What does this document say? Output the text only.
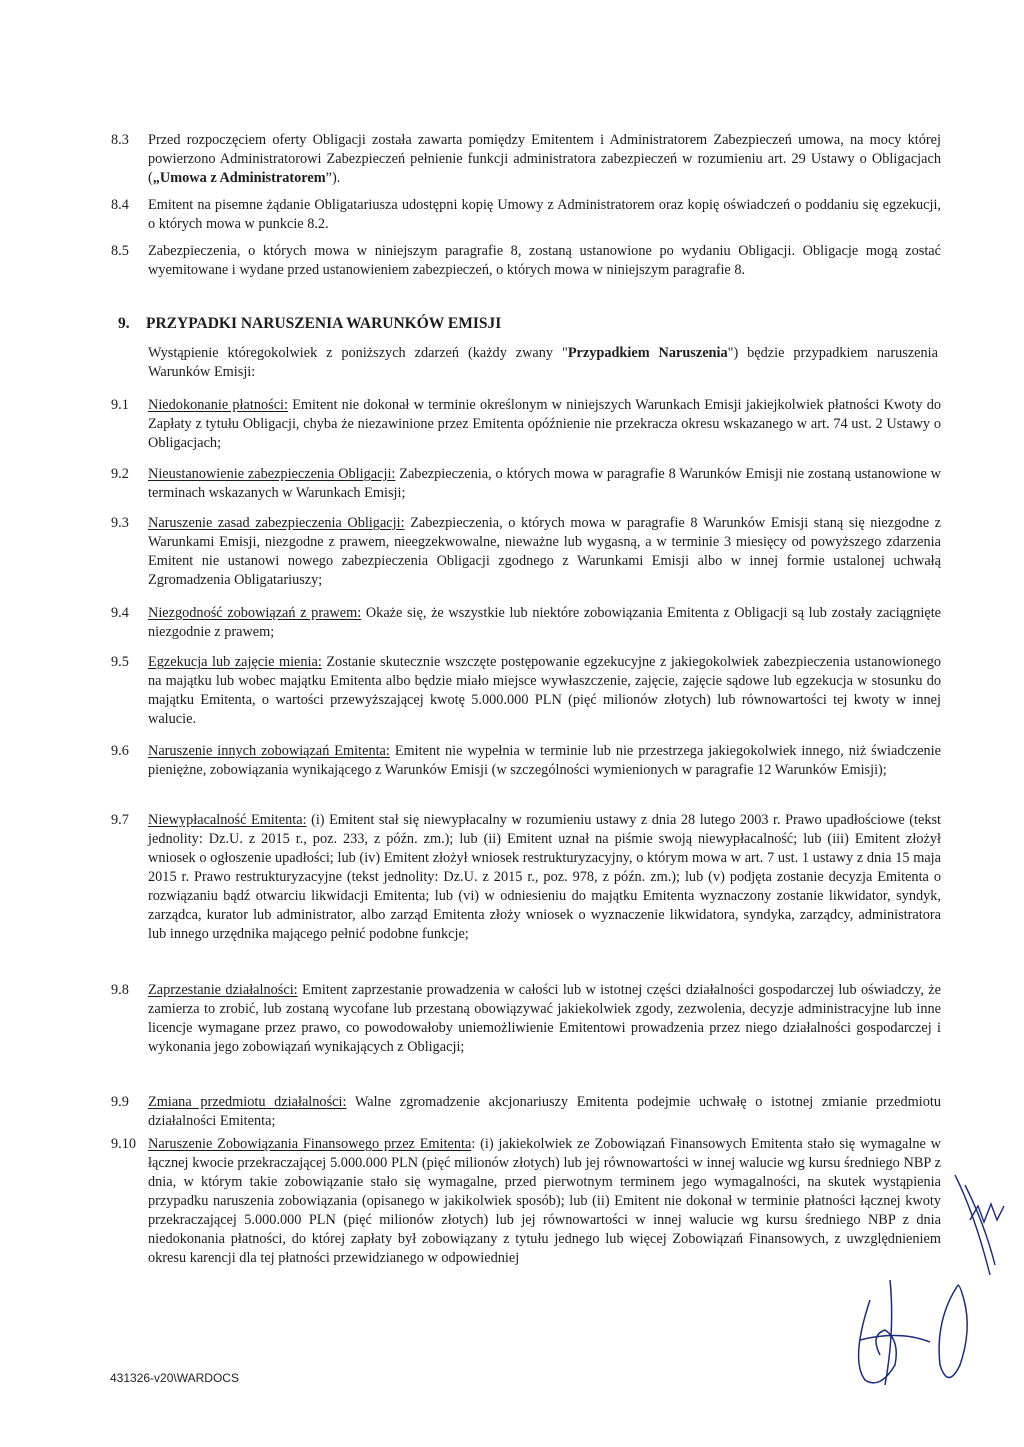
8.3	Przed rozpoczęciem oferty Obligacji została zawarta pomiędzy Emitentem i Administratorem Zabezpieczeń umowa, na mocy której powierzono Administratorowi Zabezpieczeń pełnienie funkcji administratora zabezpieczeń w rozumieniu art. 29 Ustawy o Obligacjach („Umowa z Administratorem”).
8.4	Emitent na pisemne żądanie Obligatariusza udostępni kopię Umowy z Administratorem oraz kopię oświadczeń o poddaniu się egzekucji, o których mowa w punkcie 8.2.
8.5	Zabezpieczenia, o których mowa w niniejszym paragrafie 8, zostaną ustanowione po wydaniu Obligacji. Obligacje mogą zostać wyemitowane i wydane przed ustanowieniem zabezpieczeń, o których mowa w niniejszym paragrafie 8.
9. PRZYPADKI NARUSZENIA WARUNKÓW EMISJI
Wystąpienie któregokolwiek z poniższych zdarzeń (każdy zwany "Przypadkiem Naruszenia") będzie przypadkiem naruszenia Warunków Emisji:
9.1	Niedokonanie płatności: Emitent nie dokonał w terminie określonym w niniejszych Warunkach Emisji jakiejkolwiek płatności Kwoty do Zapłaty z tytułu Obligacji, chyba że niezawinione przez Emitenta opóźnienie nie przekracza okresu wskazanego w art. 74 ust. 2 Ustawy o Obligacjach;
9.2	Nieustanowienie zabezpieczenia Obligacji: Zabezpieczenia, o których mowa w paragrafie 8 Warunków Emisji nie zostaną ustanowione w terminach wskazanych w Warunkach Emisji;
9.3	Naruszenie zasad zabezpieczenia Obligacji: Zabezpieczenia, o których mowa w paragrafie 8 Warunków Emisji staną się niezgodne z Warunkami Emisji, niezgodne z prawem, nieegzekwowalne, nieważne lub wygasną, a w terminie 3 miesięcy od powyższego zdarzenia Emitent nie ustanowi nowego zabezpieczenia Obligacji zgodnego z Warunkami Emisji albo w innej formie ustalonej uchwałą Zgromadzenia Obligatariuszy;
9.4	Niezgodność zobowiązań z prawem: Okaże się, że wszystkie lub niektóre zobowiązania Emitenta z Obligacji są lub zostały zaciągnięte niezgodnie z prawem;
9.5	Egzekucja lub zajęcie mienia: Zostanie skutecznie wszczęte postępowanie egzekucyjne z jakiegokolwiek zabezpieczenia ustanowionego na majątku lub wobec majątku Emitenta albo będzie miało miejsce wywłaszczenie, zajęcie, zajęcie sądowe lub egzekucja w stosunku do majątku Emitenta, o wartości przewyższającej kwotę 5.000.000 PLN (pięć milionów złotych) lub równowartości tej kwoty w innej walucie.
9.6	Naruszenie innych zobowiązań Emitenta: Emitent nie wypełnia w terminie lub nie przestrzega jakiegokolwiek innego, niż świadczenie pieniężne, zobowiązania wynikającego z Warunków Emisji (w szczególności wymienionych w paragrafie 12 Warunków Emisji);
9.7	Niewypłacalność Emitenta: (i) Emitent stał się niewypłacalny w rozumieniu ustawy z dnia 28 lutego 2003 r. Prawo upadłościowe (tekst jednolity: Dz.U. z 2015 r., poz. 233, z późn. zm.); lub (ii) Emitent uznał na piśmie swoją niewypłacalność; lub (iii) Emitent złożył wniosek o ogłoszenie upadłości; lub (iv) Emitent złożył wniosek restrukturyzacyjny, o którym mowa w art. 7 ust. 1 ustawy z dnia 15 maja 2015 r. Prawo restrukturyzacyjne (tekst jednolity: Dz.U. z 2015 r., poz. 978, z późn. zm.); lub (v) podjęta zostanie decyzja Emitenta o rozwiązaniu bądź otwarciu likwidacji Emitenta; lub (vi) w odniesieniu do majątku Emitenta wyznaczony zostanie likwidator, syndyk, zarządca, kurator lub administrator, albo zarząd Emitenta złoży wniosek o wyznaczenie likwidatora, syndyka, zarządcy, administratora lub innego urzędnika mającego pełnić podobne funkcje;
9.8	Zaprzestanie działalności: Emitent zaprzestanie prowadzenia w całości lub w istotnej części działalności gospodarczej lub oświadczy, że zamierza to zrobić, lub zostaną wycofane lub przestaną obowiązywać jakiekolwiek zgody, zezwolenia, decyzje administracyjne lub inne licencje wymagane przez prawo, co powodowałoby uniemożliwienie Emitentowi prowadzenia przez niego działalności gospodarczej i wykonania jego zobowiązań wynikających z Obligacji;
9.9	Zmiana przedmiotu działalności: Walne zgromadzenie akcjonariuszy Emitenta podejmie uchwałę o istotnej zmianie przedmiotu działalności Emitenta;
9.10 Naruszenie Zobowiązania Finansowego przez Emitenta: (i) jakiekolwiek ze Zobowiązań Finansowych Emitenta stało się wymagalne w łącznej kwocie przekraczającej 5.000.000 PLN (pięć milionów złotych) lub jej równowartości w innej walucie wg kursu średniego NBP z dnia, w którym takie zobowiązanie stało się wymagalne, przed pierwotnym terminem jego wymagalności, na skutek wystąpienia przypadku naruszenia zobowiązania (opisanego w jakikolwiek sposób); lub (ii) Emitent nie dokonał w terminie płatności łącznej kwoty przekraczającej 5.000.000 PLN (pięć milionów złotych) lub jej równowartości w innej walucie wg kursu średniego NBP z dnia niedokonania płatności, do której zapłaty był zobowiązany z tytułu jednego lub więcej Zobowiązań Finansowych, z uwzględnieniem okresu karencji dla tej płatności przewidzianego w odpowiedniej
431326-v20\WARDOCS
